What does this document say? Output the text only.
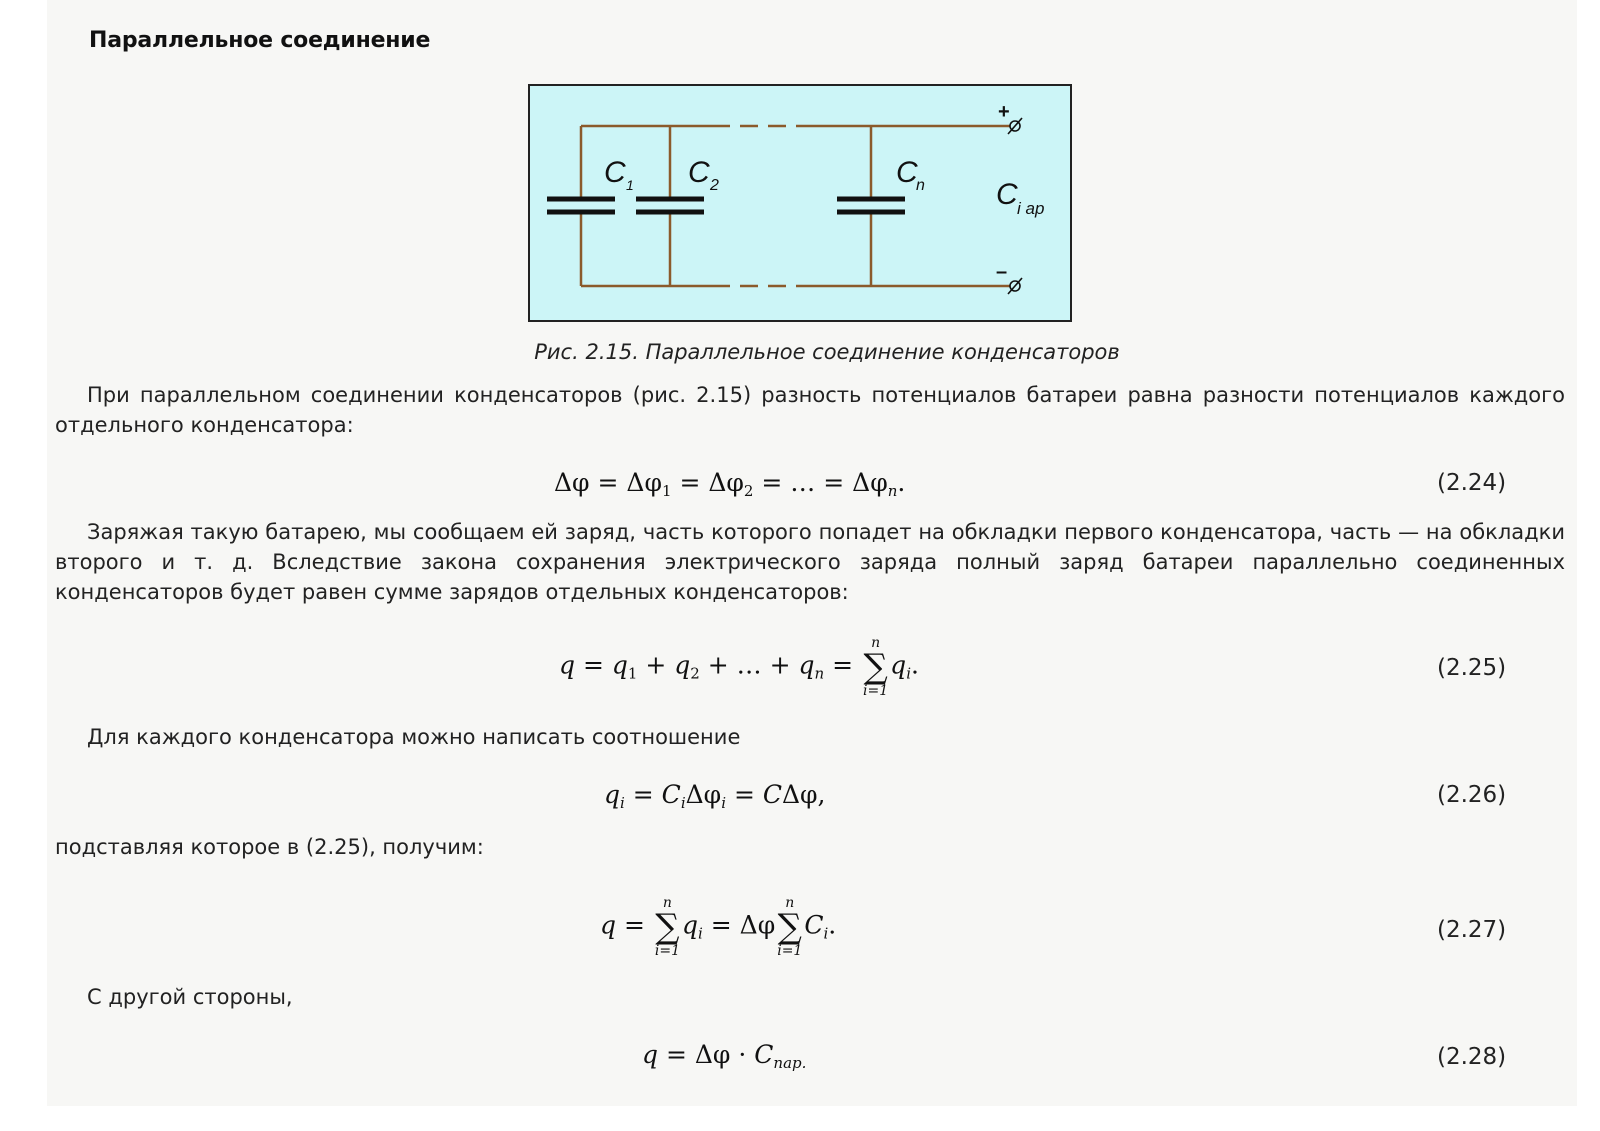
Параллельное соединение
+
–
C 1 C 2	C
n C i ap
Рис. 2.15. Параллельное соединение конденсаторов
При параллельном соединении конденсаторов (рис. 2.15) разность потенциалов батареи равна разности потенциалов каждого отдельного конденсатора:
$\Delta\varphi = \Delta\varphi_1 = \Delta\varphi_2$ = … = $\Delta\varphi_n$.	(2.24)
Заряжая такую батарею, мы сообщаем ей заряд, часть которого попадет на обкладки первого конденсатора, часть — на обкладки второго и т. д. Вследствие закона сохранения электрического заряда полный заряд батареи параллельно соединенных конденсаторов будет равен сумме зарядов отдельных конденсаторов:
$q = q_1 + q_2$ + … + $q_n$ =
n
∑
i=1
$q_i$.	(2.25)
Для каждого конденсатора можно написать соотношение
$q_i = C_i\Delta\varphi_i = C\Delta\varphi$,	(2.26)
подставляя которое в (2.25), получим:
q =
n
∑
i=1
$q_i = \Delta\varphi$
n
∑
i=1
$C_i$.	(2.27)
С другой стороны,
$q = \Delta\varphi \cdot C_{пар.}$	(2.28)
